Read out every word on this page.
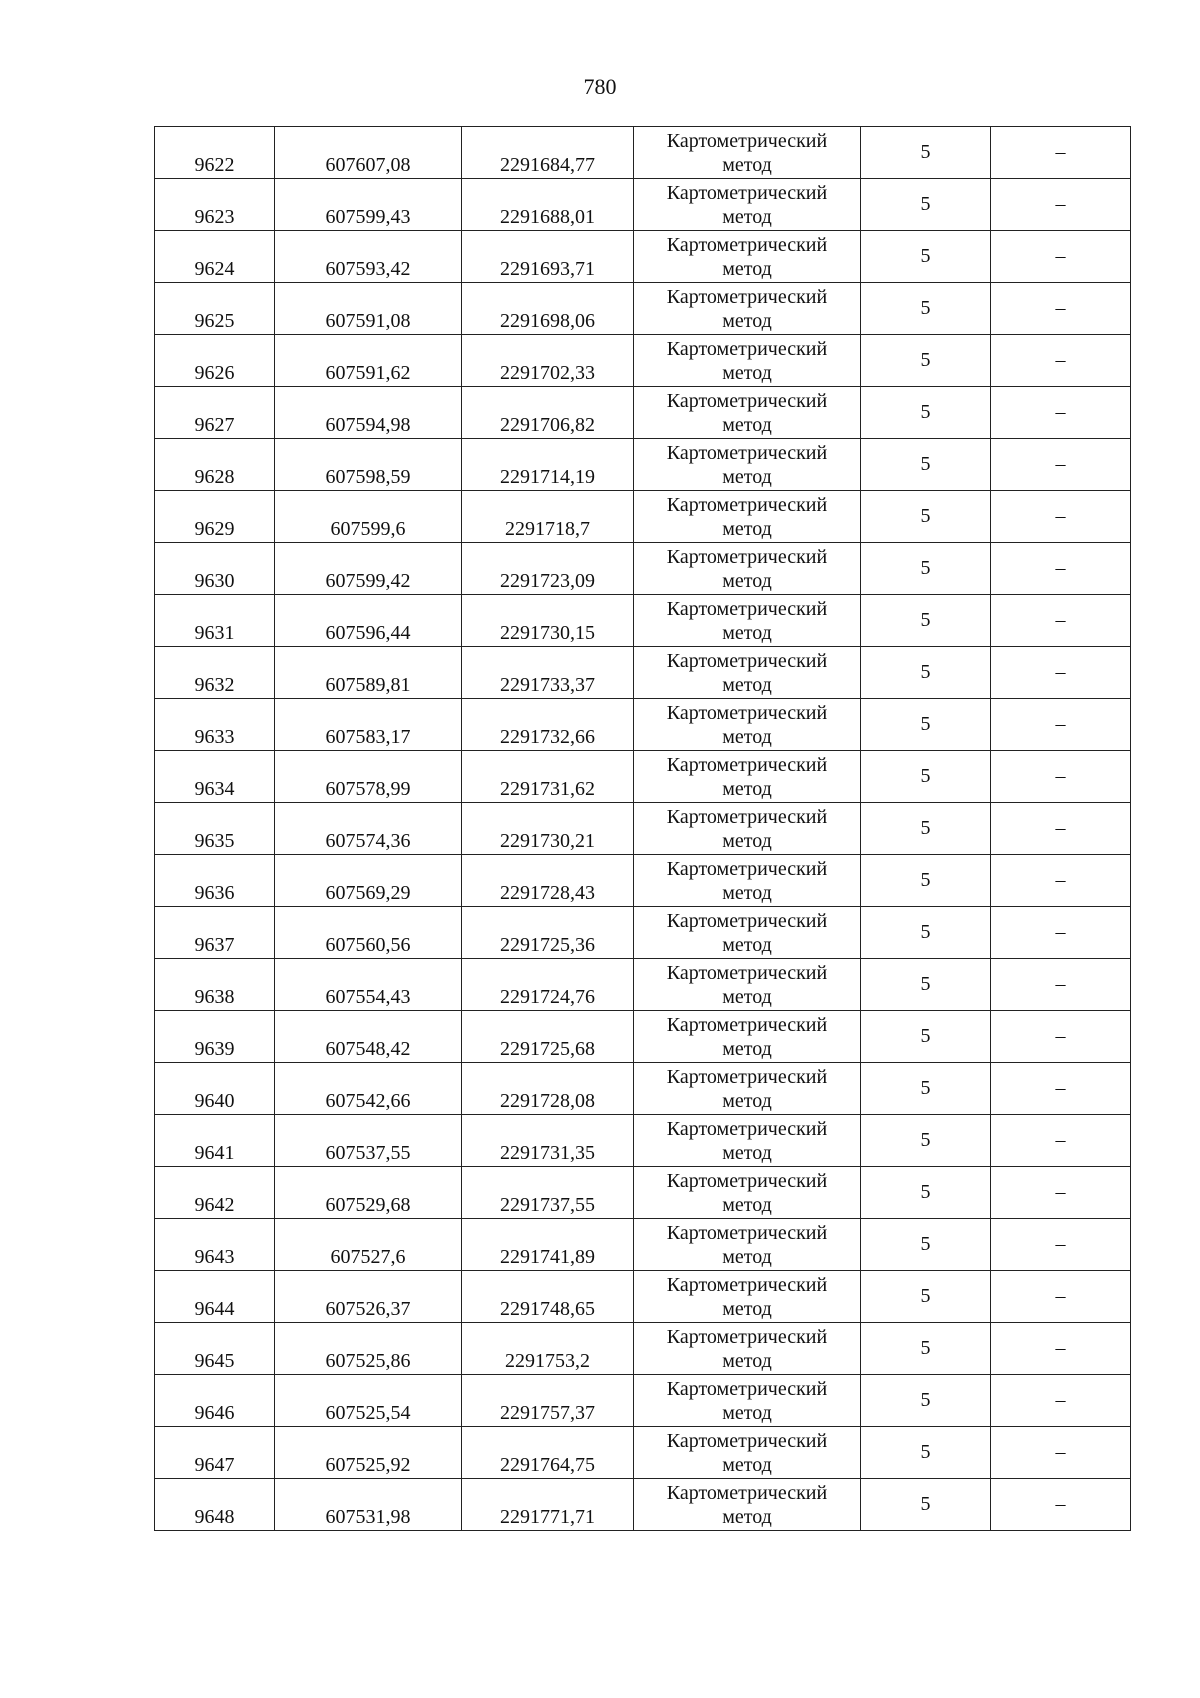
780
9622	607607,08	2291684,77	Картометрический
метод	5	–

9623	607599,43	2291688,01	Картометрический
метод	5	–

9624	607593,42	2291693,71	Картометрический
метод	5	–

9625	607591,08	2291698,06	Картометрический
метод	5	–

9626	607591,62	2291702,33	Картометрический
метод	5	–

9627	607594,98	2291706,82	Картометрический
метод	5	–

9628	607598,59	2291714,19	Картометрический
метод	5	–

9629	607599,6	2291718,7	Картометрический
метод	5	–

9630	607599,42	2291723,09	Картометрический
метод	5	–

9631	607596,44	2291730,15	Картометрический
метод	5	–

9632	607589,81	2291733,37	Картометрический
метод	5	–

9633	607583,17	2291732,66	Картометрический
метод	5	–

9634	607578,99	2291731,62	Картометрический
метод	5	–

9635	607574,36	2291730,21	Картометрический
метод	5	–

9636	607569,29	2291728,43	Картометрический
метод	5	–

9637	607560,56	2291725,36	Картометрический
метод	5	–

9638	607554,43	2291724,76	Картометрический
метод	5	–

9639	607548,42	2291725,68	Картометрический
метод	5	–

9640	607542,66	2291728,08	Картометрический
метод	5	–

9641	607537,55	2291731,35	Картометрический
метод	5	–

9642	607529,68	2291737,55	Картометрический
метод	5	–

9643	607527,6	2291741,89	Картометрический
метод	5	–

9644	607526,37	2291748,65	Картометрический
метод	5	–

9645	607525,86	2291753,2	Картометрический
метод	5	–

9646	607525,54	2291757,37	Картометрический
метод	5	–

9647	607525,92	2291764,75	Картометрический
метод	5	–

9648	607531,98	2291771,71	Картометрический
метод	5	–
